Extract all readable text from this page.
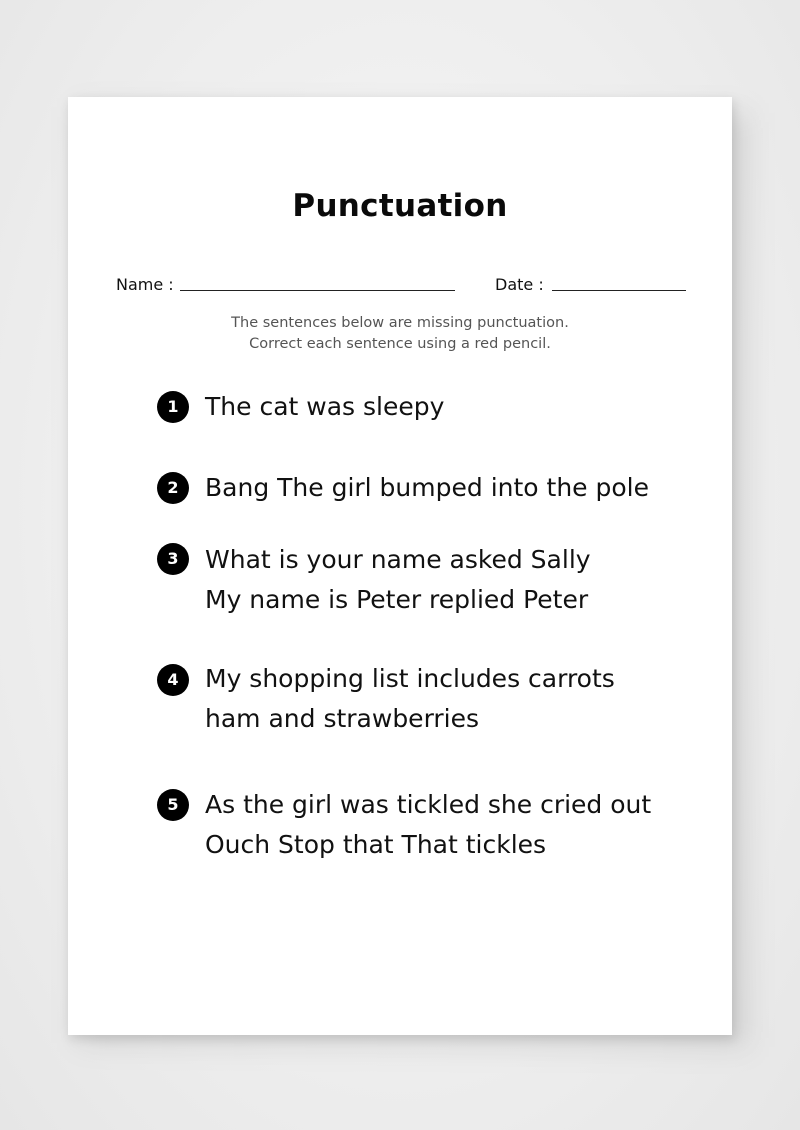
Punctuation
Name :	Date :
The sentences below are missing punctuation.
Correct each sentence using a red pencil.
1	The cat was sleepy
2	Bang The girl bumped into the pole
3	What is your name asked Sally
My name is Peter replied Peter
4	My shopping list includes carrots
ham and strawberries
5	As the girl was tickled she cried out
Ouch Stop that That tickles
